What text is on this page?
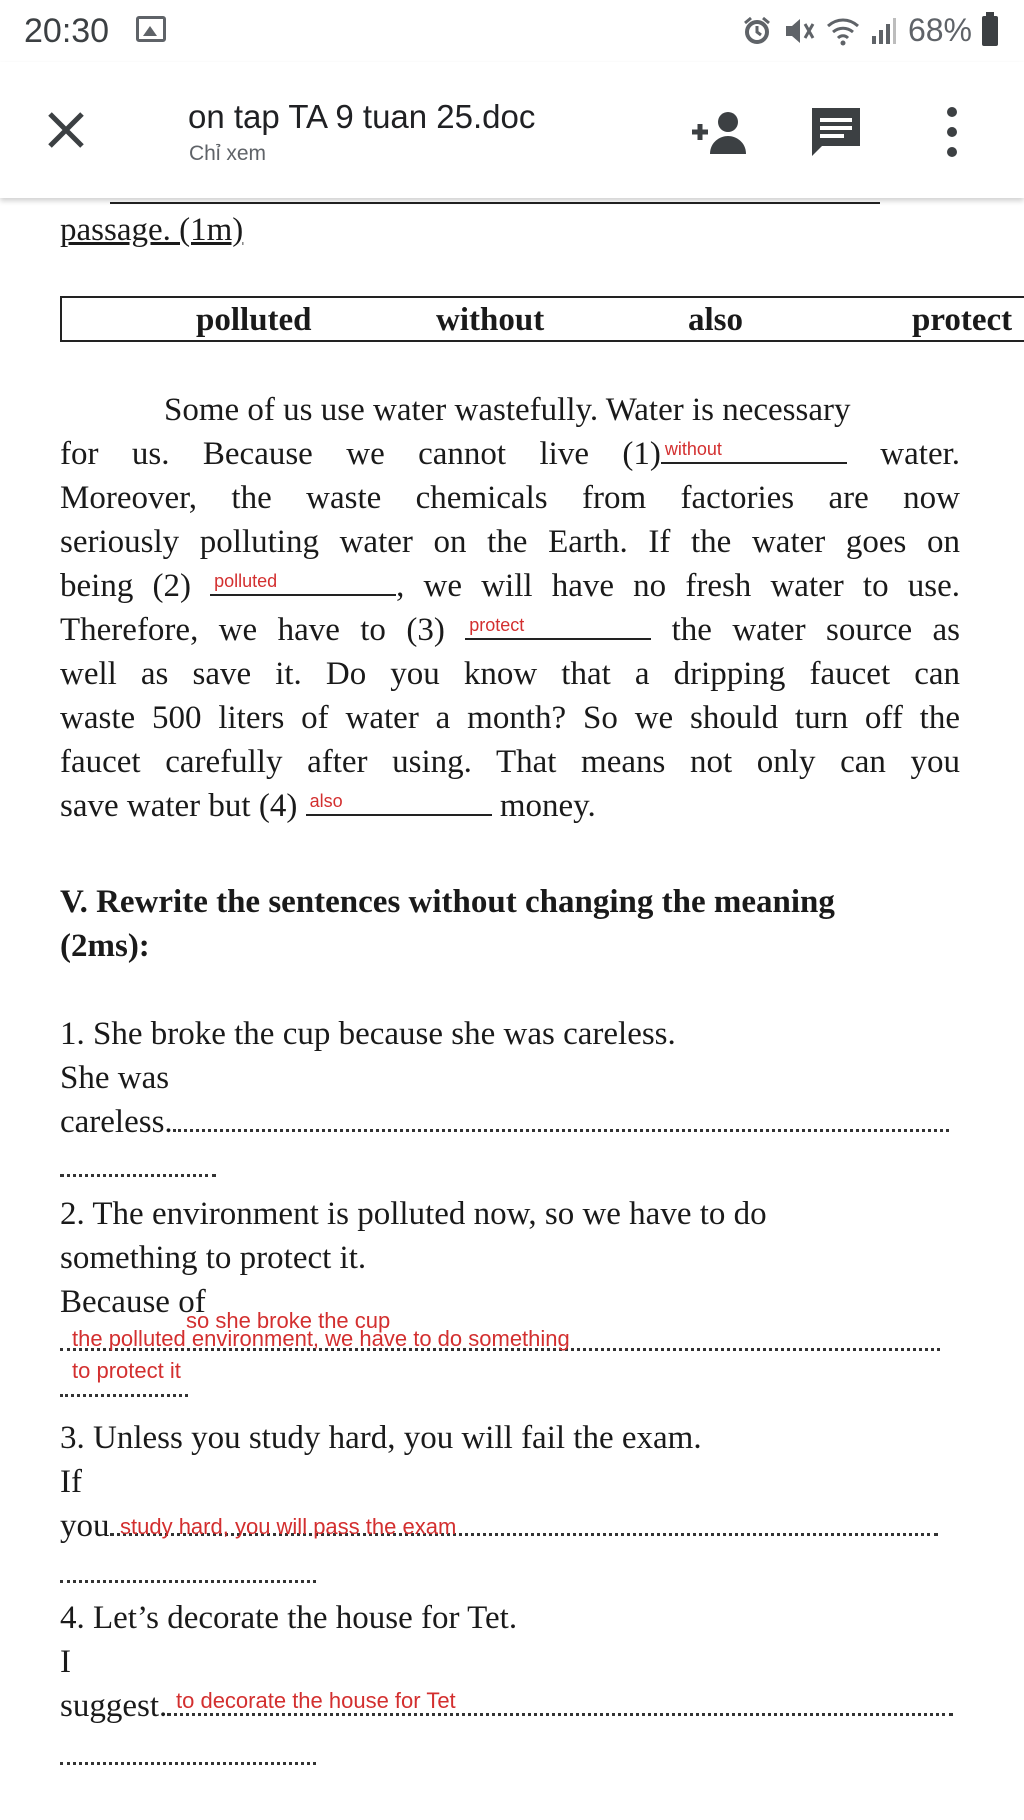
20:30	68%
on tap TA 9 tuan 25.doc
Chỉ xem

passage. (1m)

polluted	without	also	protect

Some of us use water wastefully. Water is necessary

for us. Because we cannot live (1) without	water.
Moreover, the waste chemicals from factories are now
seriously polluting water on the Earth. If the water goes on
being (2) polluted	, we will have no fresh water to use.
Therefore, we have to (3) protect	the water source as
well as save it. Do you know that a dripping faucet can
waste 500 liters of water a month? So we should turn off the
faucet carefully after using. That means not only can you

save water but (4) also	money.

V. Rewrite the sentences without changing the meaning

(2ms):

1. She broke the cup because she was careless.

She was

careless.

so she broke the cup

2. The environment is polluted now, so we have to do

something to protect it.

Because of

the polluted environment, we have to do something
to protect it

3. Unless you study hard, you will fail the exam.

If

you study hard, you will pass the exam

4. Let’s decorate the house for Tet.

I

suggest. to decorate the house for Tet
